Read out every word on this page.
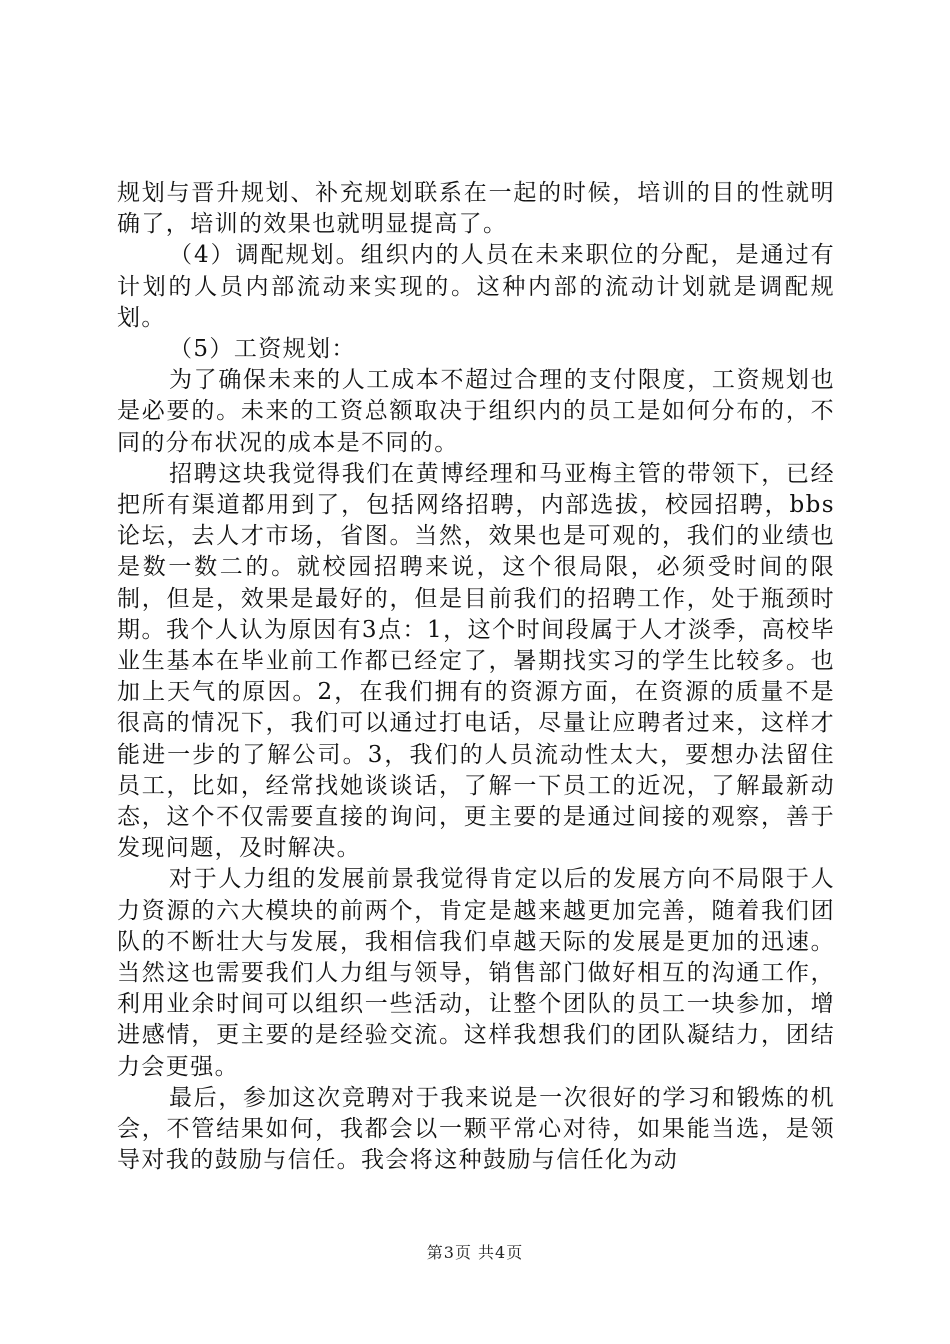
规划与晋升规划、补充规划联系在一起的时候，培训的目的性就明确了，培训的效果也就明显提高了。

（4）调配规划。组织内的人员在未来职位的分配，是通过有计划的人员内部流动来实现的。这种内部的流动计划就是调配规划。

（5）工资规划：

为了确保未来的人工成本不超过合理的支付限度，工资规划也是必要的。未来的工资总额取决于组织内的员工是如何分布的，不同的分布状况的成本是不同的。

招聘这块我觉得我们在黄博经理和马亚梅主管的带领下，已经把所有渠道都用到了，包括网络招聘，内部选拔，校园招聘，bbs论坛，去人才市场，省图。当然，效果也是可观的，我们的业绩也是数一数二的。就校园招聘来说，这个很局限，必须受时间的限制，但是，效果是最好的，但是目前我们的招聘工作，处于瓶颈时期。我个人认为原因有3点：1，这个时间段属于人才淡季，高校毕业生基本在毕业前工作都已经定了，暑期找实习的学生比较多。也加上天气的原因。2，在我们拥有的资源方面，在资源的质量不是很高的情况下，我们可以通过打电话，尽量让应聘者过来，这样才能进一步的了解公司。3，我们的人员流动性太大，要想办法留住员工，比如，经常找她谈谈话，了解一下员工的近况，了解最新动态，这个不仅需要直接的询问，更主要的是通过间接的观察，善于发现问题，及时解决。

对于人力组的发展前景我觉得肯定以后的发展方向不局限于人力资源的六大模块的前两个，肯定是越来越更加完善，随着我们团队的不断壮大与发展，我相信我们卓越天际的发展是更加的迅速。当然这也需要我们人力组与领导，销售部门做好相互的沟通工作，利用业余时间可以组织一些活动，让整个团队的员工一块参加，增进感情，更主要的是经验交流。这样我想我们的团队凝结力，团结力会更强。

最后，参加这次竞聘对于我来说是一次很好的学习和锻炼的机会，不管结果如何，我都会以一颗平常心对待，如果能当选，是领导对我的鼓励与信任。我会将这种鼓励与信任化为动

第3页 共4页
